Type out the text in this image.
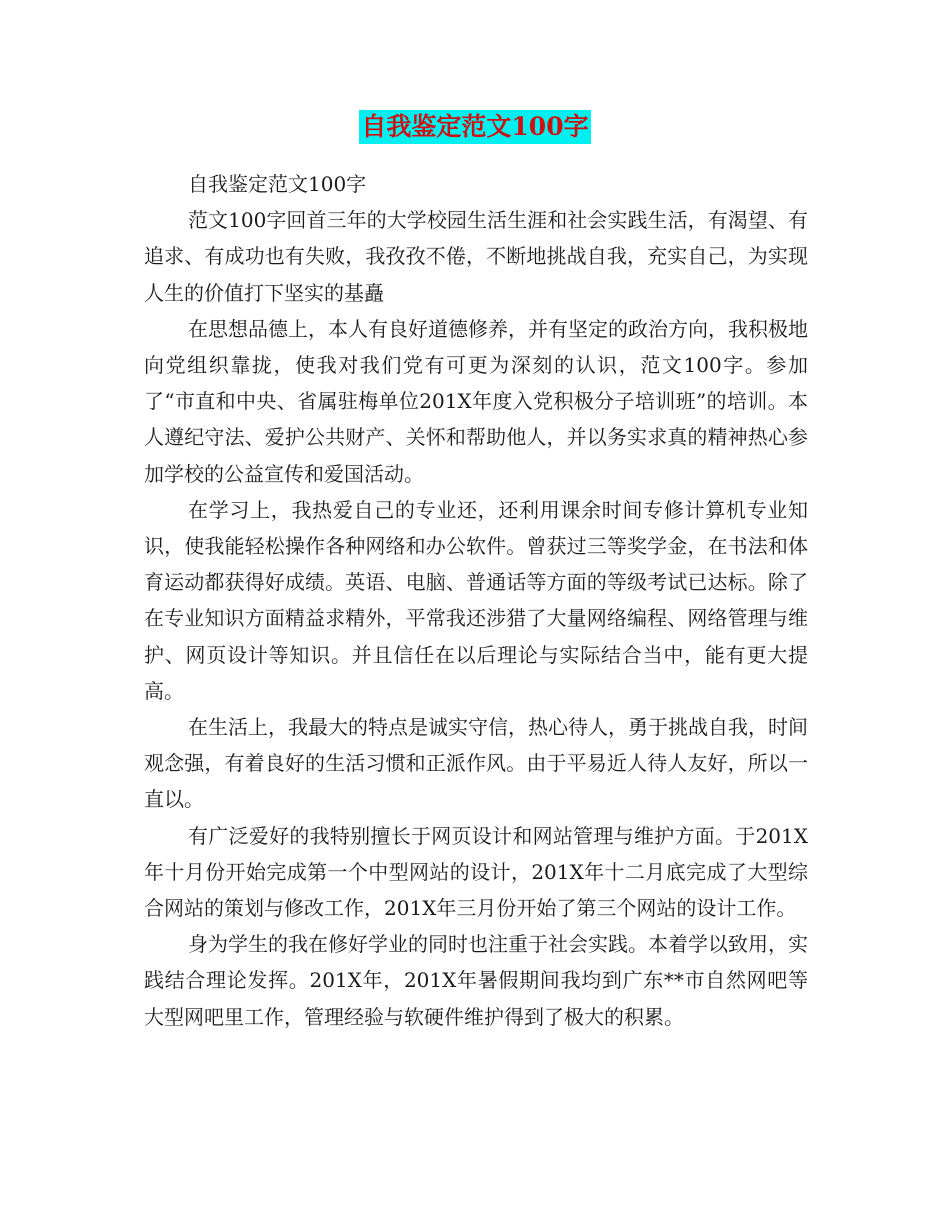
自我鉴定范文100字

自我鉴定范文100字

范文100字回首三年的大学校园生活生涯和社会实践生活，有渴望、有追求、有成功也有失败，我孜孜不倦，不断地挑战自我，充实自己，为实现人生的价值打下坚实的基矗

在思想品德上，本人有良好道德修养，并有坚定的政治方向，我积极地向党组织靠拢，使我对我们党有可更为深刻的认识，范文100字。参加了“市直和中央、省属驻梅单位201X年度入党积极分子培训班”的培训。本人遵纪守法、爱护公共财产、关怀和帮助他人，并以务实求真的精神热心参加学校的公益宣传和爱国活动。

在学习上，我热爱自己的专业还，还利用课余时间专修计算机专业知识，使我能轻松操作各种网络和办公软件。曾获过三等奖学金，在书法和体育运动都获得好成绩。英语、电脑、普通话等方面的等级考试已达标。除了在专业知识方面精益求精外，平常我还涉猎了大量网络编程、网络管理与维护、网页设计等知识。并且信任在以后理论与实际结合当中，能有更大提高。

在生活上，我最大的特点是诚实守信，热心待人，勇于挑战自我，时间观念强，有着良好的生活习惯和正派作风。由于平易近人待人友好，所以一直以。

有广泛爱好的我特别擅长于网页设计和网站管理与维护方面。于201X年十月份开始完成第一个中型网站的设计，201X年十二月底完成了大型综合网站的策划与修改工作，201X年三月份开始了第三个网站的设计工作。

身为学生的我在修好学业的同时也注重于社会实践。本着学以致用，实践结合理论发挥。201X年，201X年暑假期间我均到广东**市自然网吧等大型网吧里工作，管理经验与软硬件维护得到了极大的积累。
